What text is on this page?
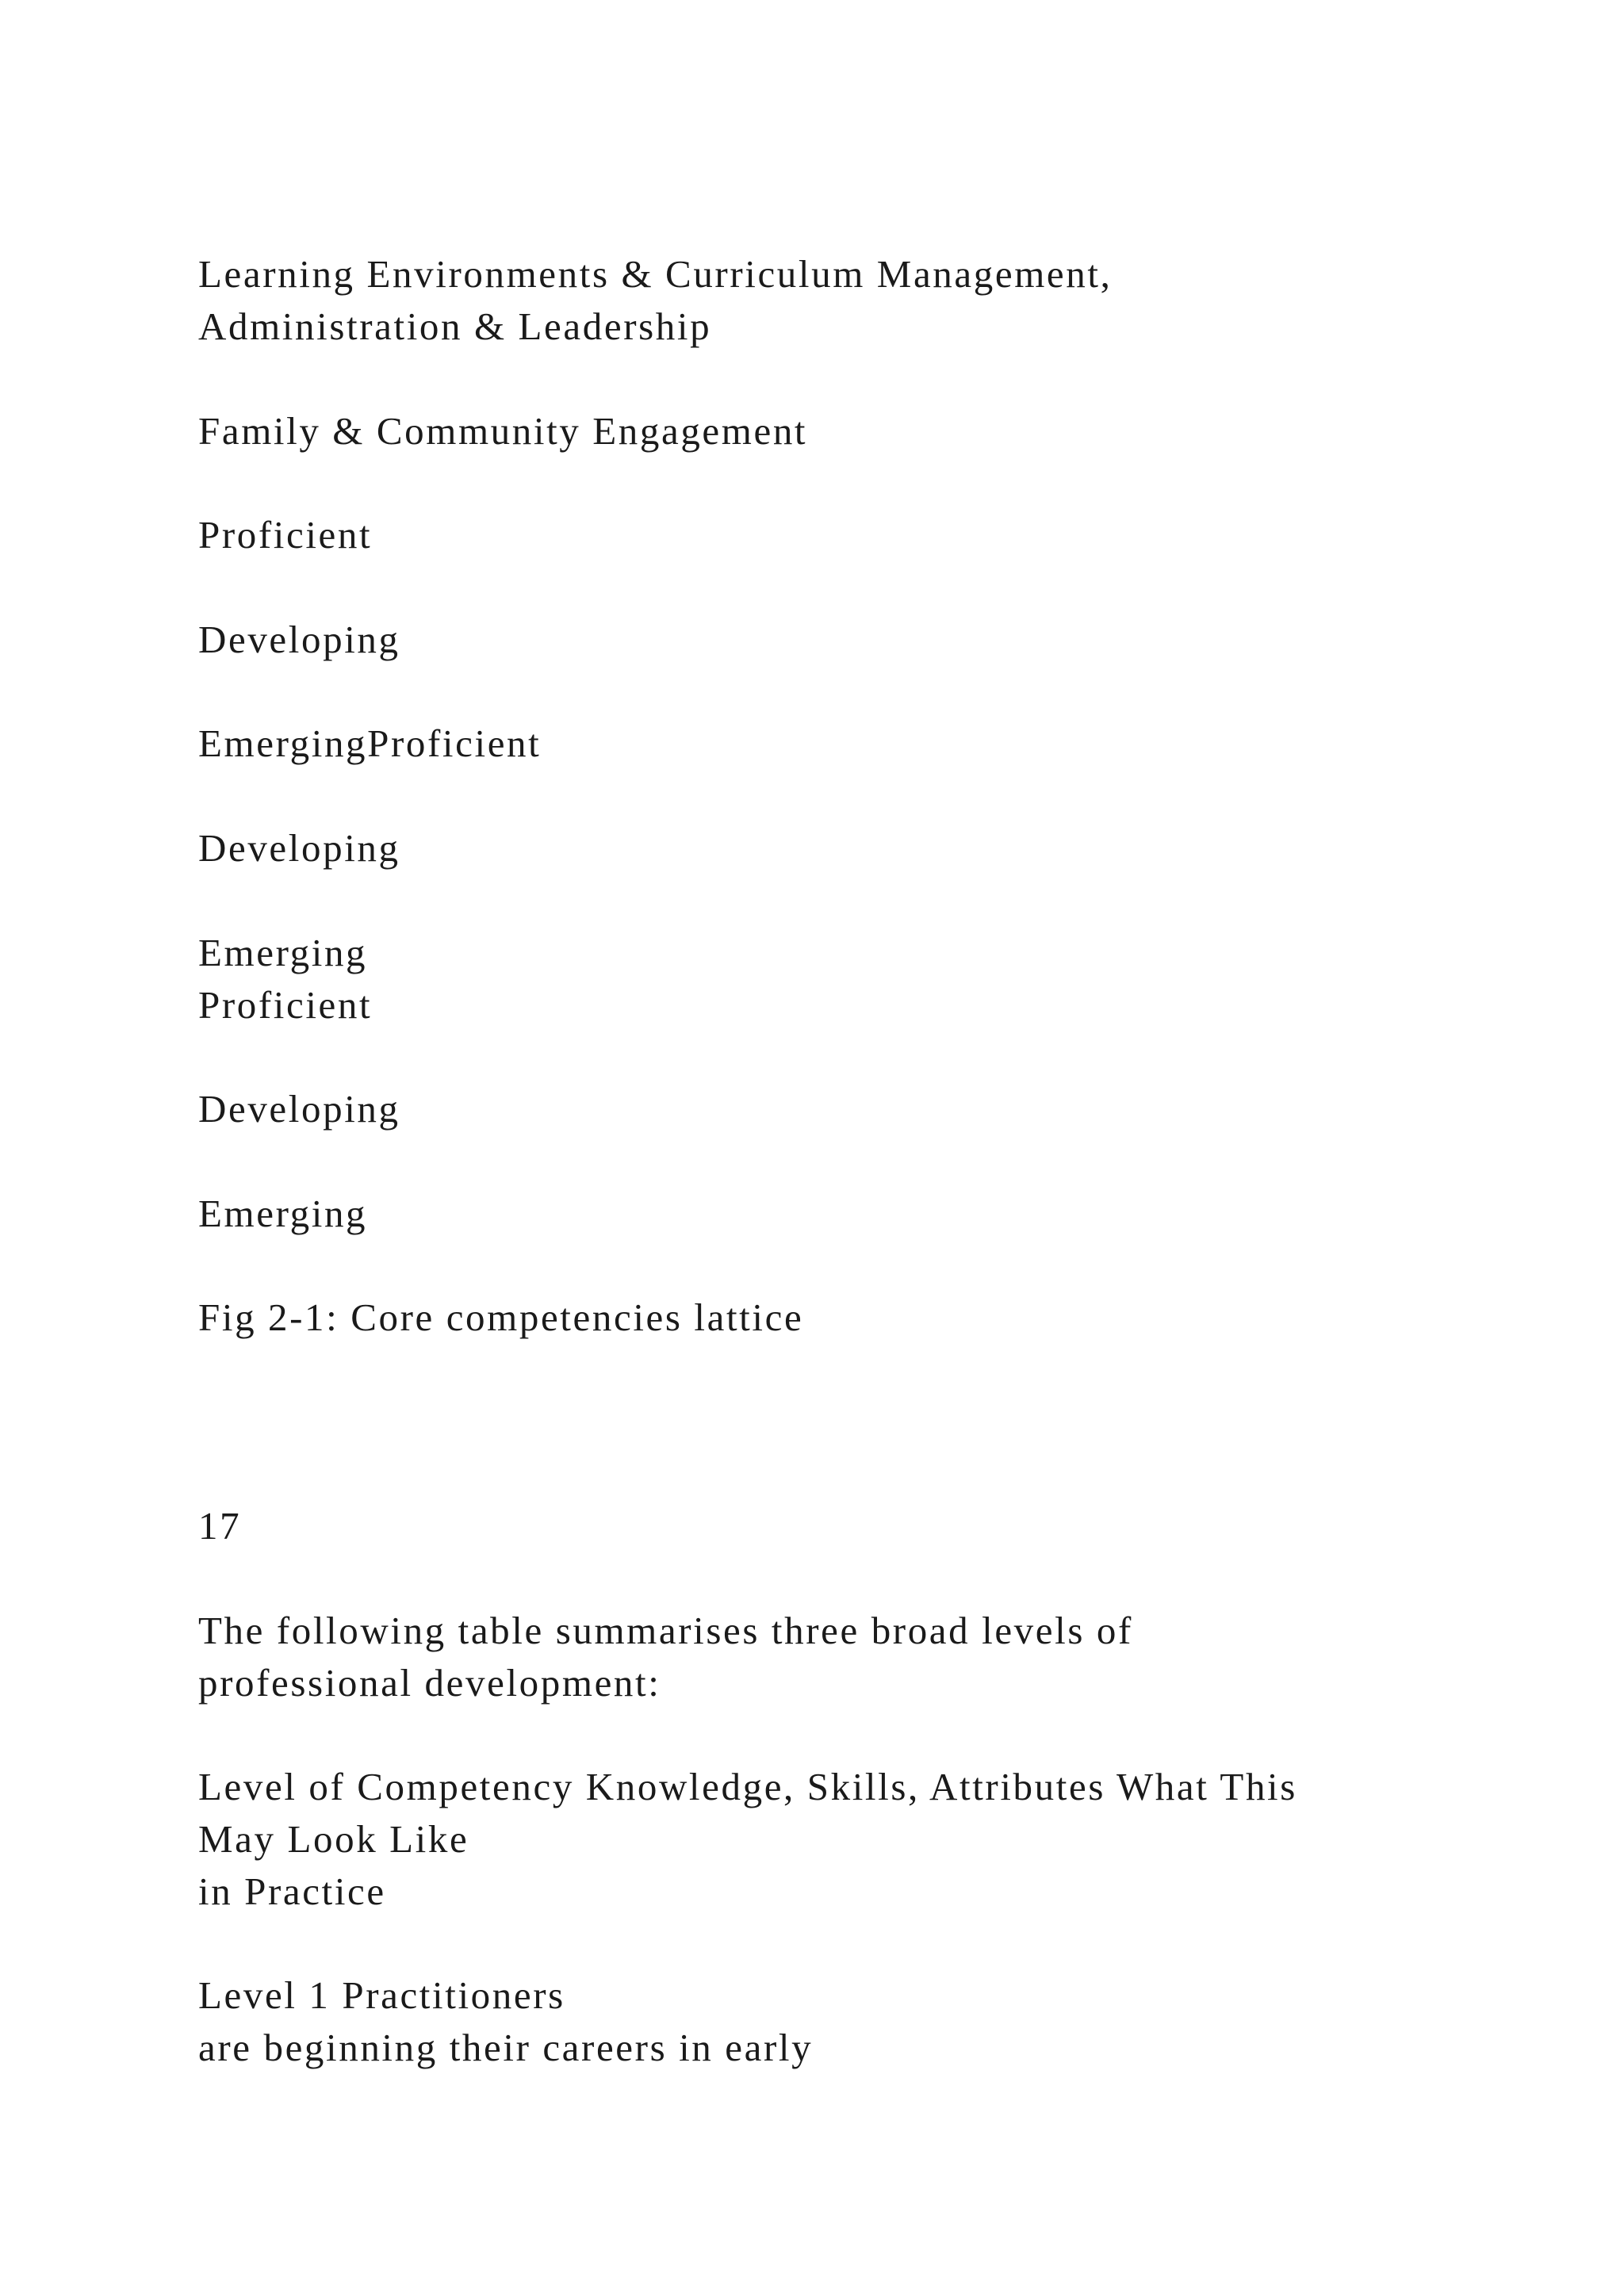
Learning Environments & Curriculum Management,

Administration & Leadership

Family & Community Engagement

Proficient

Developing

EmergingProficient

Developing

Emerging

Proficient

Developing

Emerging

Fig 2-1: Core competencies lattice

17

The following table summarises three broad levels of

professional development:

Level of Competency Knowledge, Skills, Attributes What This

May Look Like

in Practice

Level 1 Practitioners

are beginning their careers in early
